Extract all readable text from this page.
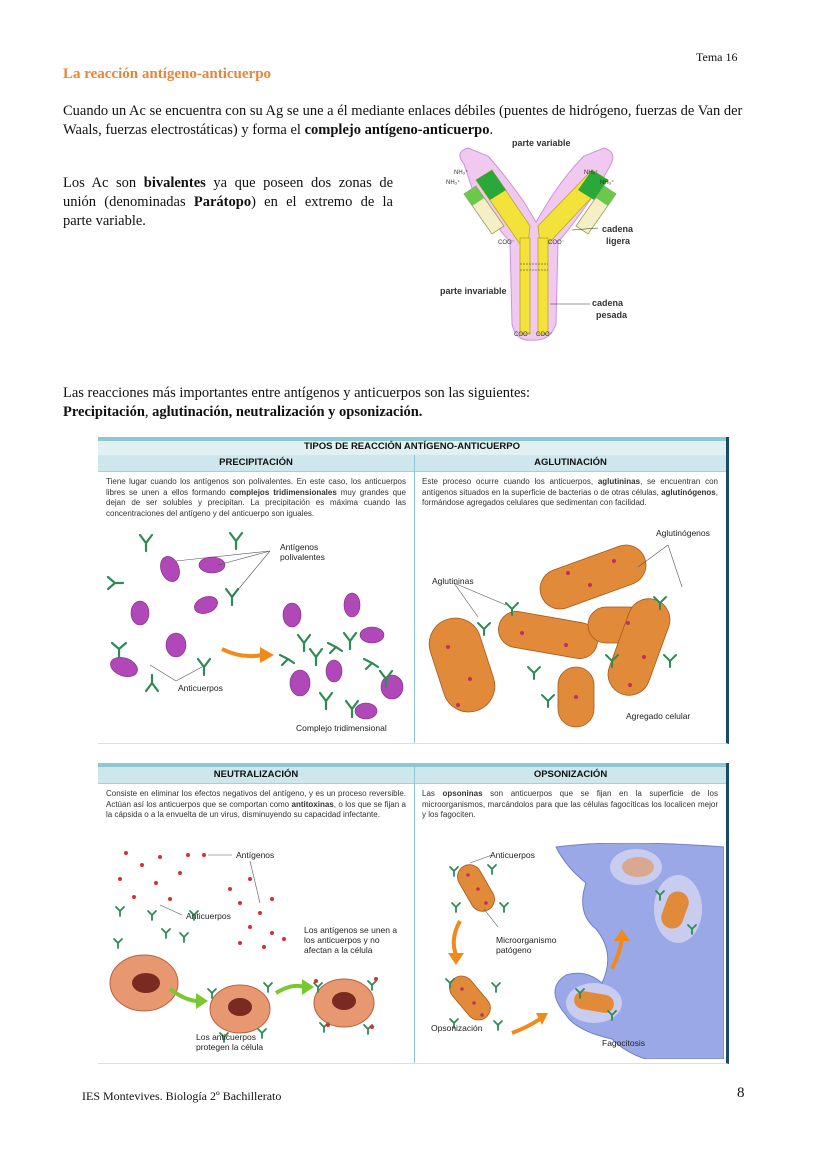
Tema 16
La reacción antígeno-anticuerpo
Cuando un Ac se encuentra con su Ag se une a él mediante enlaces débiles (puentes de hidrógeno, fuerzas de Van der Waals, fuerzas electrostáticas) y forma el complejo antígeno-anticuerpo.
Los Ac son bivalentes ya que poseen dos zonas de unión (denominadas Parátopo) en el extremo de la parte variable.
parte variable
NH₃⁺
NH₃⁺
NH₃⁺
NH₃⁺
COO⁻	COO⁻
COO⁻ COO⁻
cadena
ligera
parte invariable
cadena
pesada
Las reacciones más importantes entre antígenos y anticuerpos son las siguientes:
Precipitación, aglutinación, neutralización y opsonización.
TIPOS DE REACCIÓN ANTÍGENO-ANTICUERPO
PRECIPITACIÓN	AGLUTINACIÓN
Tiene lugar cuando los antígenos son polivalentes. En este caso, los anticuerpos libres se unen a ellos formando complejos tridimensionales muy grandes que dejan de ser solubles y precipitan. La precipitación es máxima cuando las concentraciones del antígeno y del anticuerpo son iguales.
Este proceso ocurre cuando los anticuerpos, aglutininas, se encuentran con antígenos situados en la superficie de bacterias o de otras células, aglutinógenos, formándose agregados celulares que sedimentan con facilidad.
Antígenos polivalentes
Anticuerpos
Complejo tridimensional
Aglutinógenos
Aglutininas
Agregado celular
NEUTRALIZACIÓN	OPSONIZACIÓN
Consiste en eliminar los efectos negativos del antígeno, y es un proceso reversible. Actúan así los anticuerpos que se comportan como antitoxinas, o los que se fijan a la cápsida o a la envuelta de un virus, disminuyendo su capacidad infectante.
Las opsoninas son anticuerpos que se fijan en la superficie de los microorganismos, marcándolos para que las células fagocíticas los localicen mejor y los fagociten.
Antígenos
Anticuerpos
Los antígenos se unen a los anticuerpos y no afectan a la célula
Los anticuerpos protegen la célula
Anticuerpos
Microorganismo patógeno
Opsonización
Fagocitosis
IES Montevives. Biología 2º Bachillerato	8
